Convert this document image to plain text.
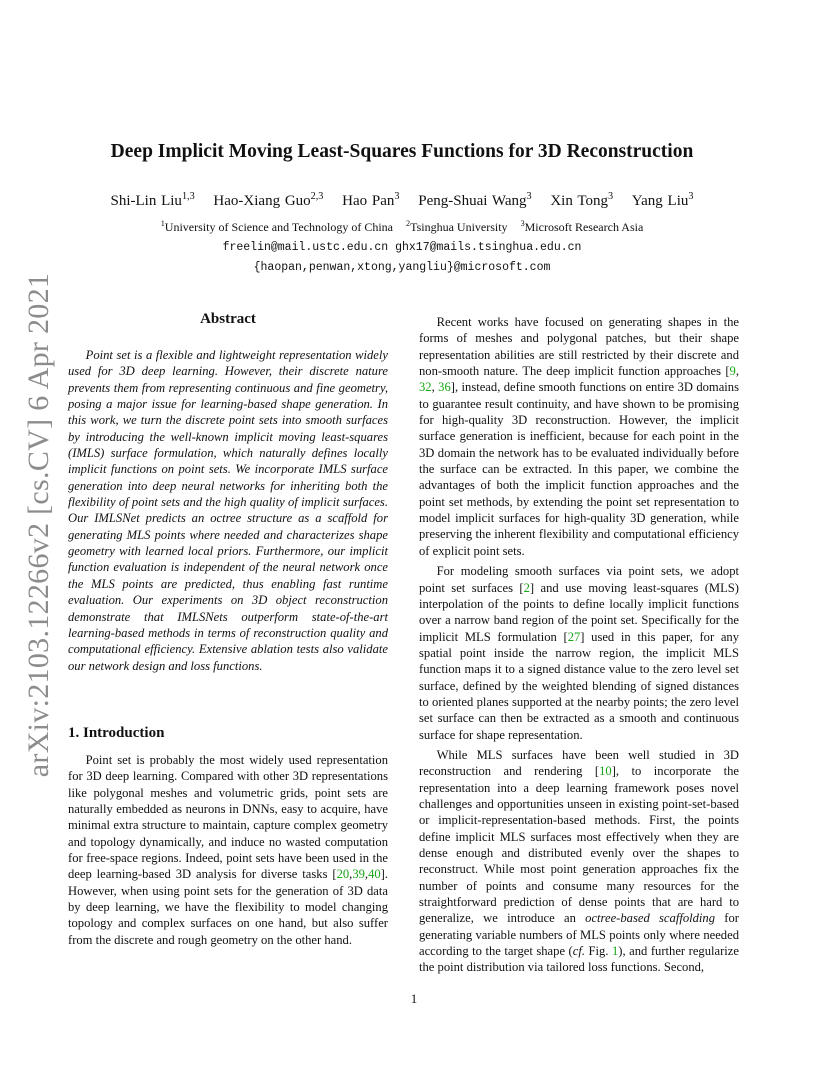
arXiv:2103.12266v2 [cs.CV] 6 Apr 2021
Deep Implicit Moving Least-Squares Functions for 3D Reconstruction
Shi-Lin Liu$^{1,3}$ Hao-Xiang Guo$^{2,3}$ Hao Pan$^3$ Peng-Shuai Wang$^3$ Xin Tong$^3$ Yang Liu$^3$
$^1$University of Science and Technology of China $^2$Tsinghua University $^3$Microsoft Research Asia
freelin@mail.ustc.edu.cn ghx17@mails.tsinghua.edu.cn
{haopan,penwan,xtong,yangliu}@microsoft.com
Abstract

Point set is a flexible and lightweight representation widely used for 3D deep learning. However, their discrete nature prevents them from representing continuous and fine geometry, posing a major issue for learning-based shape generation. In this work, we turn the discrete point sets into smooth surfaces by introducing the well-known implicit moving least-squares (IMLS) surface formulation, which naturally defines locally implicit functions on point sets. We incorporate IMLS surface generation into deep neural networks for inheriting both the flexibility of point sets and the high quality of implicit surfaces. Our IMLSNet predicts an octree structure as a scaffold for generating MLS points where needed and characterizes shape geometry with learned local priors. Furthermore, our implicit function evaluation is independent of the neural network once the MLS points are predicted, thus enabling fast runtime evaluation. Our experiments on 3D object reconstruction demonstrate that IMLSNets outperform state-of-the-art learning-based methods in terms of reconstruction quality and computational efficiency. Extensive ablation tests also validate our network design and loss functions.

1. Introduction

Point set is probably the most widely used representation for 3D deep learning. Compared with other 3D representations like polygonal meshes and volumetric grids, point sets are naturally embedded as neurons in DNNs, easy to acquire, have minimal extra structure to maintain, capture complex geometry and topology dynamically, and induce no wasted computation for free-space regions. Indeed, point sets have been used in the deep learning-based 3D analysis for diverse tasks [20,39,40]. However, when using point sets for the generation of 3D data by deep learning, we have the flexibility to model changing topology and complex surfaces on one hand, but also suffer from the discrete and rough geometry on the other hand.

Recent works have focused on generating shapes in the forms of meshes and polygonal patches, but their shape representation abilities are still restricted by their discrete and non-smooth nature. The deep implicit function approaches [9, 32, 36], instead, define smooth functions on entire 3D domains to guarantee result continuity, and have shown to be promising for high-quality 3D reconstruction. However, the implicit surface generation is inefficient, because for each point in the 3D domain the network has to be evaluated individually before the surface can be extracted. In this paper, we combine the advantages of both the implicit function approaches and the point set methods, by extending the point set representation to model implicit surfaces for high-quality 3D generation, while preserving the inherent flexibility and computational efficiency of explicit point sets.

For modeling smooth surfaces via point sets, we adopt point set surfaces [2] and use moving least-squares (MLS) interpolation of the points to define locally implicit functions over a narrow band region of the point set. Specifically for the implicit MLS formulation [27] used in this paper, for any spatial point inside the narrow region, the implicit MLS function maps it to a signed distance value to the zero level set surface, defined by the weighted blending of signed distances to oriented planes supported at the nearby points; the zero level set surface can then be extracted as a smooth and continuous surface for shape representation.

While MLS surfaces have been well studied in 3D reconstruction and rendering [10], to incorporate the representation into a deep learning framework poses novel challenges and opportunities unseen in existing point-set-based or implicit-representation-based methods. First, the points define implicit MLS surfaces most effectively when they are dense enough and distributed evenly over the shapes to reconstruct. While most point generation approaches fix the number of points and consume many resources for the straightforward prediction of dense points that are hard to generalize, we introduce an octree-based scaffolding for generating variable numbers of MLS points only where needed according to the target shape (cf. Fig. 1), and further regularize the point distribution via tailored loss functions. Second,

1
